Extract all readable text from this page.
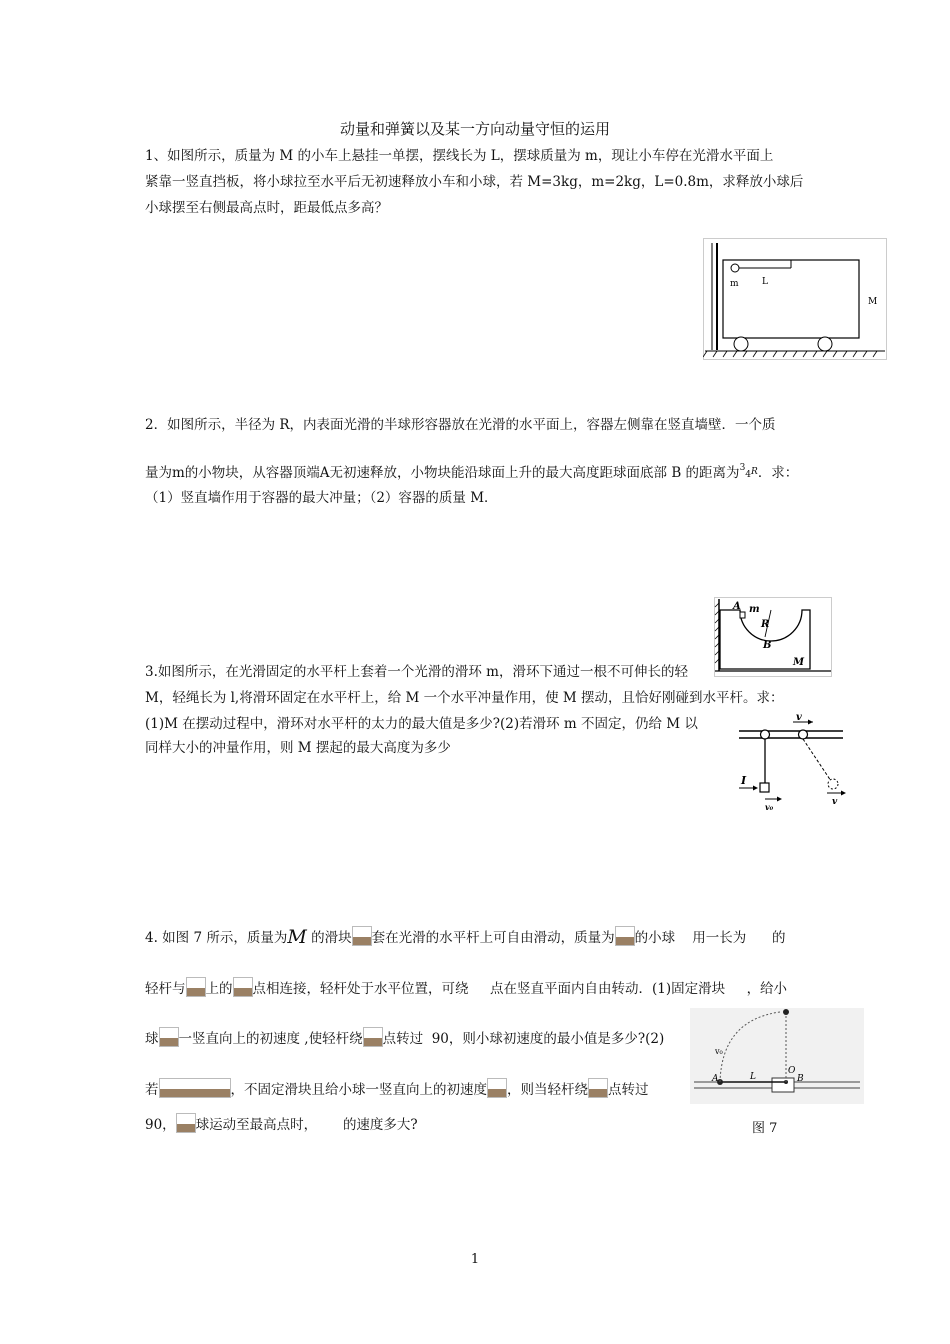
动量和弹簧以及某一方向动量守恒的运用
1、如图所示，质量为 M 的小车上悬挂一单摆，摆线长为 L，摆球质量为 m，现让小车停在光滑水平面上
紧靠一竖直挡板，将小球拉至水平后无初速释放小车和小球，若 M=3kg，m=2kg，L=0.8m，求释放小球后
小球摆至右侧最高点时，距最低点多高？
m	L
M
2．如图所示，半径为 R，内表面光滑的半球形容器放在光滑的水平面上，容器左侧靠在竖直墙壁．一个质
量为m的小物块，从容器顶端A无初速释放，小物块能沿球面上升的最大高度距球面底部 B 的距离为$^34^R$．求：
（1）竖直墙作用于容器的最大冲量；（2）容器的质量 M．
A m
R
B
M
3.如图所示，在光滑固定的水平杆上套着一个光滑的滑环 m，滑环下通过一根不可伸长的轻
M，轻绳长为 l,将滑环固定在水平杆上，给 M 一个水平冲量作用，使 M 摆动，且恰好刚碰到水平杆。求：
(1)M 在摆动过程中，滑环对水平杆的太力的最大值是多少?(2)若滑环 m 不固定，仍给 M 以
同样大小的冲量作用，则 M 摆起的最大高度为多少
v
I
v₀	v
4. 如图 7 所示，质量为M 的滑块 套在光滑的水平杆上可自由滑动，质量为 的小球 用一长为 的
轻杆与 上的 点相连接，轻杆处于水平位置，可绕 点在竖直平面内自由转动．(1)固定滑块 ，给小
球 一竖直向上的初速度 ,使轻杆绕 点转过 90，则小球初速度的最小值是多少?(2)
若	，不固定滑块且给小球一竖直向上的初速度 ，则当轻杆绕 点转过
90， 球运动至最高点时， 的速度多大?
v₀
A	L
O
B
图 7
1
